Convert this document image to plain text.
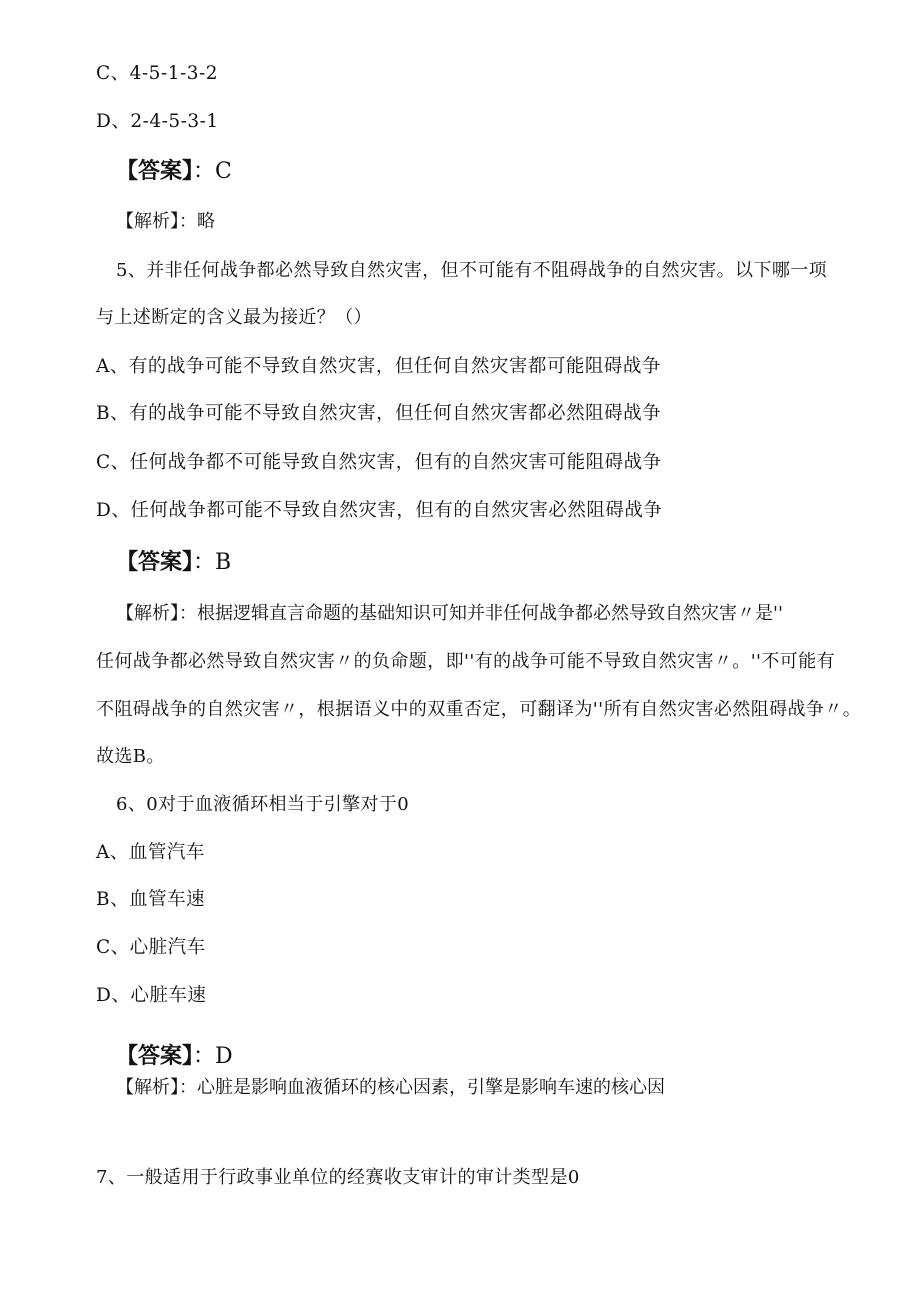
C、4-5-1-3-2
D、2-4-5-3-1
【答案】：C
【解析】：略
5、并非任何战争都必然导致自然灾害，但不可能有不阻碍战争的自然灾害。以下哪一项
与上述断定的含义最为接近？（）
A、有的战争可能不导致自然灾害，但任何自然灾害都可能阻碍战争
B、有的战争可能不导致自然灾害，但任何自然灾害都必然阻碍战争
C、任何战争都不可能导致自然灾害，但有的自然灾害可能阻碍战争
D、任何战争都可能不导致自然灾害，但有的自然灾害必然阻碍战争
【答案】：B
【解析】：根据逻辑直言命题的基础知识可知并非任何战争都必然导致自然灾害〃是''
任何战争都必然导致自然灾害〃的负命题，即''有的战争可能不导致自然灾害〃。''不可能有
不阻碍战争的自然灾害〃，根据语义中的双重否定，可翻译为''所有自然灾害必然阻碍战争〃。
故选B。
6、0对于血液循环相当于引擎对于0
A、血管汽车
B、血管车速
C、心脏汽车
D、心脏车速
【答案】：D
【解析】：心脏是影响血液循环的核心因素，引擎是影响车速的核心因
7、一般适用于行政事业单位的经赛收支审计的审计类型是0
